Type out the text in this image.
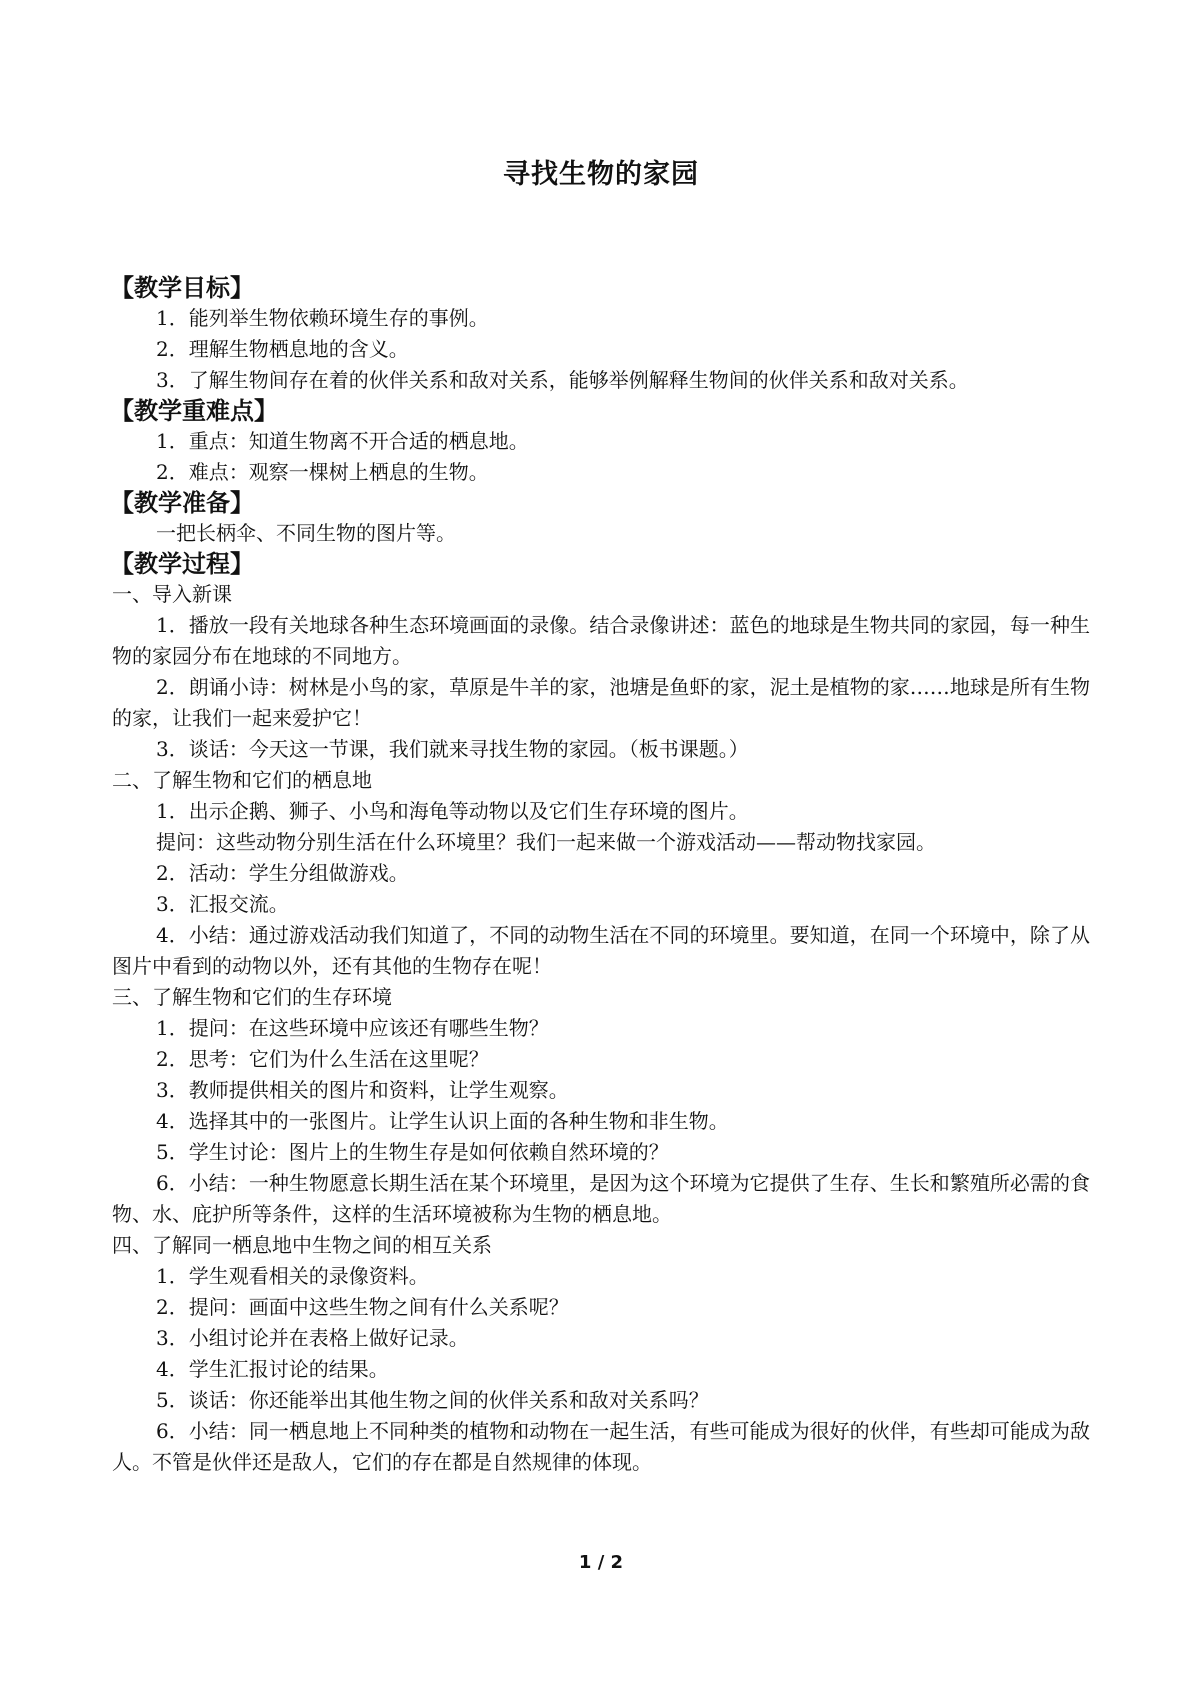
寻找生物的家园
【教学目标】
1．能列举生物依赖环境生存的事例。
2．理解生物栖息地的含义。

3．了解生物间存在着的伙伴关系和敌对关系，能够举例解释生物间的伙伴关系和敌对关系。

【教学重难点】
1．重点：知道生物离不开合适的栖息地。
2．难点：观察一棵树上栖息的生物。
【教学准备】
一把长柄伞、不同生物的图片等。
【教学过程】
一、导入新课

1．播放一段有关地球各种生态环境画面的录像。结合录像讲述：蓝色的地球是生物共同的家园，每一种生物的家园分布在地球的不同地方。

2．朗诵小诗：树林是小鸟的家，草原是牛羊的家，池塘是鱼虾的家，泥土是植物的家……地球是所有生物的家，让我们一起来爱护它！

3．谈话：今天这一节课，我们就来寻找生物的家园。（板书课题。）
二、了解生物和它们的栖息地
1．出示企鹅、狮子、小鸟和海龟等动物以及它们生存环境的图片。
提问：这些动物分别生活在什么环境里？我们一起来做一个游戏活动——帮动物找家园。
2．活动：学生分组做游戏。
3．汇报交流。

4．小结：通过游戏活动我们知道了，不同的动物生活在不同的环境里。要知道，在同一个环境中，除了从图片中看到的动物以外，还有其他的生物存在呢！

三、了解生物和它们的生存环境
1．提问：在这些环境中应该还有哪些生物？
2．思考：它们为什么生活在这里呢？
3．教师提供相关的图片和资料，让学生观察。
4．选择其中的一张图片。让学生认识上面的各种生物和非生物。
5．学生讨论：图片上的生物生存是如何依赖自然环境的？

6．小结：一种生物愿意长期生活在某个环境里，是因为这个环境为它提供了生存、生长和繁殖所必需的食物、水、庇护所等条件，这样的生活环境被称为生物的栖息地。

四、了解同一栖息地中生物之间的相互关系
1．学生观看相关的录像资料。
2．提问：画面中这些生物之间有什么关系呢？
3．小组讨论并在表格上做好记录。
4．学生汇报讨论的结果。
5．谈话：你还能举出其他生物之间的伙伴关系和敌对关系吗？

6．小结：同一栖息地上不同种类的植物和动物在一起生活，有些可能成为很好的伙伴，有些却可能成为敌人。不管是伙伴还是敌人，它们的存在都是自然规律的体现。

1 / 2
